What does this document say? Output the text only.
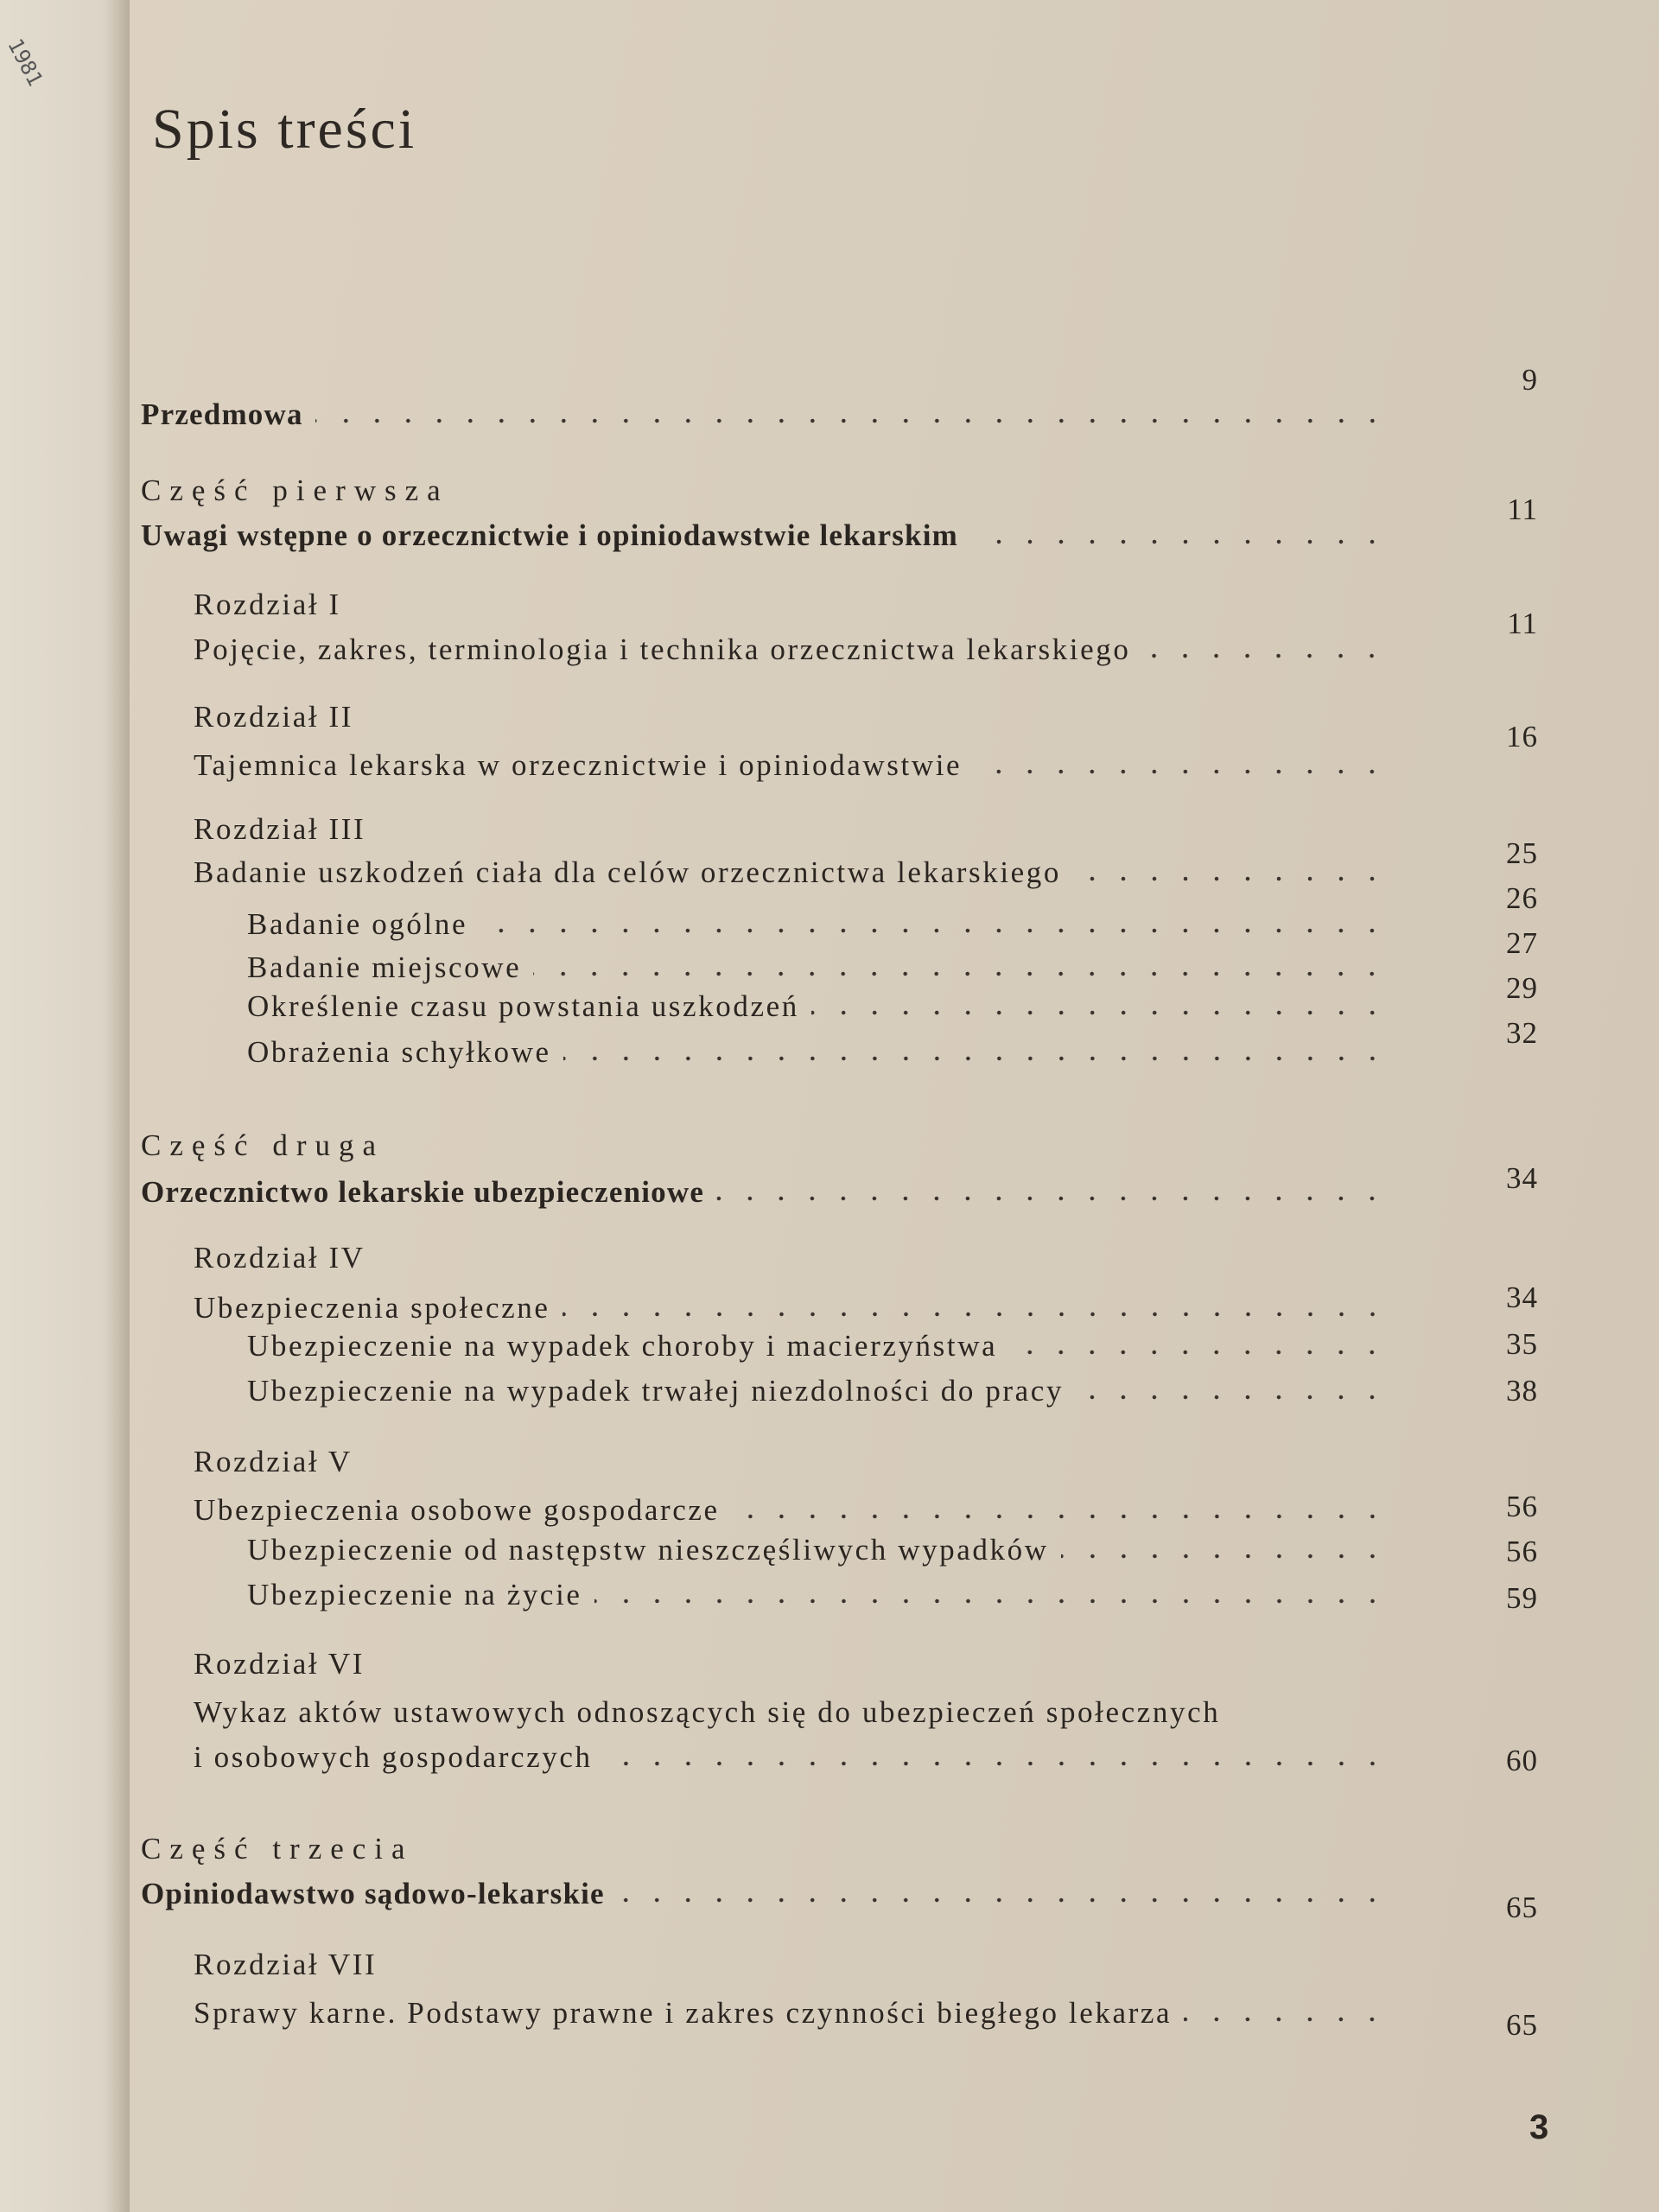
1981
Spis treści
9
Przedmowa
Część pierwsza
11
Uwagi wstępne o orzecznictwie i opiniodawstwie lekarskim
Rozdział I
11
Pojęcie, zakres, terminologia i technika orzecznictwa lekarskiego
Rozdział II
16
Tajemnica lekarska w orzecznictwie i opiniodawstwie
Rozdział III
25
Badanie uszkodzeń ciała dla celów orzecznictwa lekarskiego
26
Badanie ogólne
27
Badanie miejscowe
29
Określenie czasu powstania uszkodzeń
32
Obrażenia schyłkowe
Część druga
34
Orzecznictwo lekarskie ubezpieczeniowe
Rozdział IV
34
Ubezpieczenia społeczne
35
Ubezpieczenie na wypadek choroby i macierzyństwa
38
Ubezpieczenie na wypadek trwałej niezdolności do pracy
Rozdział V
56
Ubezpieczenia osobowe gospodarcze
56
Ubezpieczenie od następstw nieszczęśliwych wypadków
59
Ubezpieczenie na życie
Rozdział VI
Wykaz aktów ustawowych odnoszących się do ubezpieczeń społecznych
60
i osobowych gospodarczych
Część trzecia
65
Opiniodawstwo sądowo-lekarskie
Rozdział VII
65
Sprawy karne. Podstawy prawne i zakres czynności biegłego lekarza
3
